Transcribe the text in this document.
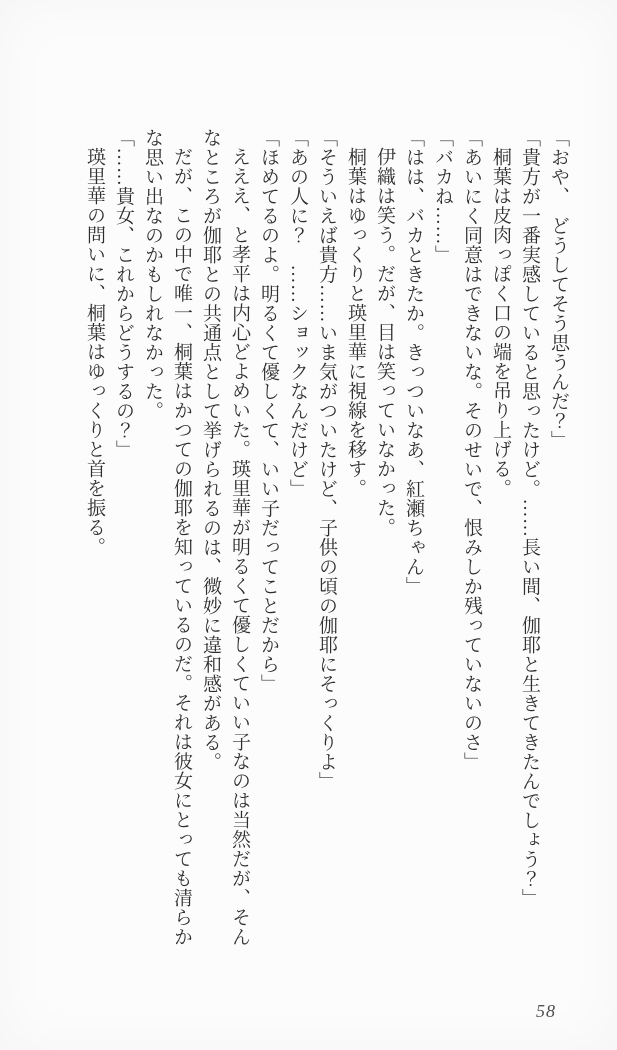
「おや、　どうしてそう思うんだ？」

「貴方が一番実感していると思ったけど。……長い間、伽耶と生きてきたんでしょう？」

桐葉は皮肉っぽく口の端を吊り上げる。

「あいにく同意はできないな。そのせいで、恨みしか残っていないのさ」

「バカね……」

「はは、バカときたか。きっついなあ、紅瀬ちゃん」

伊織は笑う。だが、目は笑っていなかった。

桐葉はゆっくりと瑛里華に視線を移す。

「そういえば貴方……いま気がついたけど、子供の頃の伽耶にそっくりよ」

「あの人に？　……ショックなんだけど」

「ほめてるのよ。明るくて優しくて、いい子だってことだから」

えええ、と孝平は内心どよめいた。瑛里華が明るくて優しくていい子なのは当然だが、そんなところが伽耶との共通点として挙げられるのは、微妙に違和感がある。

だが、この中で唯一、桐葉はかつての伽耶を知っているのだ。それは彼女にとっても清らかな思い出なのかもしれなかった。

「……貴女、これからどうするの？」

瑛里華の問いに、桐葉はゆっくりと首を振る。

58
